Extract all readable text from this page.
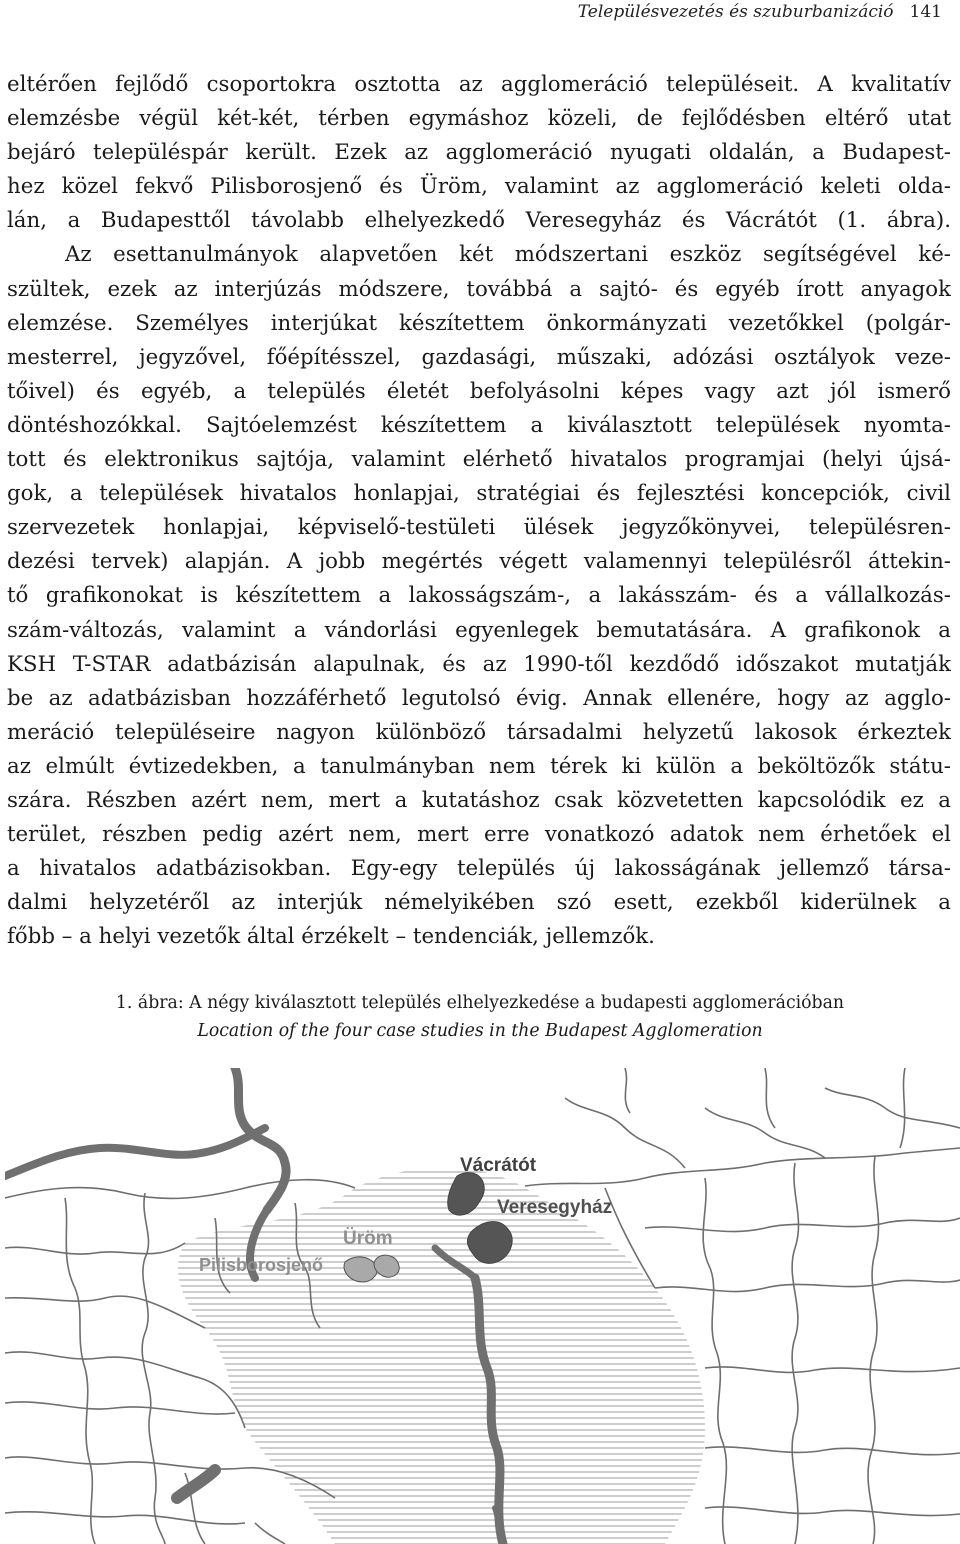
Településvezetés és szuburbanizáció 141
eltérően fejlődő csoportokra osztotta az agglomeráció településeit. A kvalitatív
elemzésbe végül két-két, térben egymáshoz közeli, de fejlődésben eltérő utat
bejáró településpár került. Ezek az agglomeráció nyugati oldalán, a Budapest-
hez közel fekvő Pilisborosjenő és Üröm, valamint az agglomeráció keleti olda-
lán, a Budapesttől távolabb elhelyezkedő Veresegyház és Vácrátót (1. ábra).
Az esettanulmányok alapvetően két módszertani eszköz segítségével ké-
szültek, ezek az interjúzás módszere, továbbá a sajtó- és egyéb írott anyagok
elemzése. Személyes interjúkat készítettem önkormányzati vezetőkkel (polgár-
mesterrel, jegyzővel, főépítésszel, gazdasági, műszaki, adózási osztályok veze-
tőivel) és egyéb, a település életét befolyásolni képes vagy azt jól ismerő
döntéshozókkal. Sajtóelemzést készítettem a kiválasztott települések nyomta-
tott és elektronikus sajtója, valamint elérhető hivatalos programjai (helyi újsá-
gok, a települések hivatalos honlapjai, stratégiai és fejlesztési koncepciók, civil
szervezetek honlapjai, képviselő-testületi ülések jegyzőkönyvei, településren-
dezési tervek) alapján. A jobb megértés végett valamennyi településről áttekin-
tő grafikonokat is készítettem a lakosságszám-, a lakásszám- és a vállalkozás-
szám-változás, valamint a vándorlási egyenlegek bemutatására. A grafikonok a
KSH T-STAR adatbázisán alapulnak, és az 1990-től kezdődő időszakot mutatják
be az adatbázisban hozzáférhető legutolsó évig. Annak ellenére, hogy az agglo-
meráció településeire nagyon különböző társadalmi helyzetű lakosok érkeztek
az elmúlt évtizedekben, a tanulmányban nem térek ki külön a beköltözők státu-
szára. Részben azért nem, mert a kutatáshoz csak közvetetten kapcsolódik ez a
terület, részben pedig azért nem, mert erre vonatkozó adatok nem érhetőek el
a hivatalos adatbázisokban. Egy-egy település új lakosságának jellemző társa-
dalmi helyzetéről az interjúk némelyikében szó esett, ezekből kiderülnek a
főbb – a helyi vezetők által érzékelt – tendenciák, jellemzők.
1. ábra: A négy kiválasztott település elhelyezkedése a budapesti agglomerációban
Location of the four case studies in the Budapest Agglomeration
Vácrátót
Veresegyház
Üröm
Pilisborosjenő
